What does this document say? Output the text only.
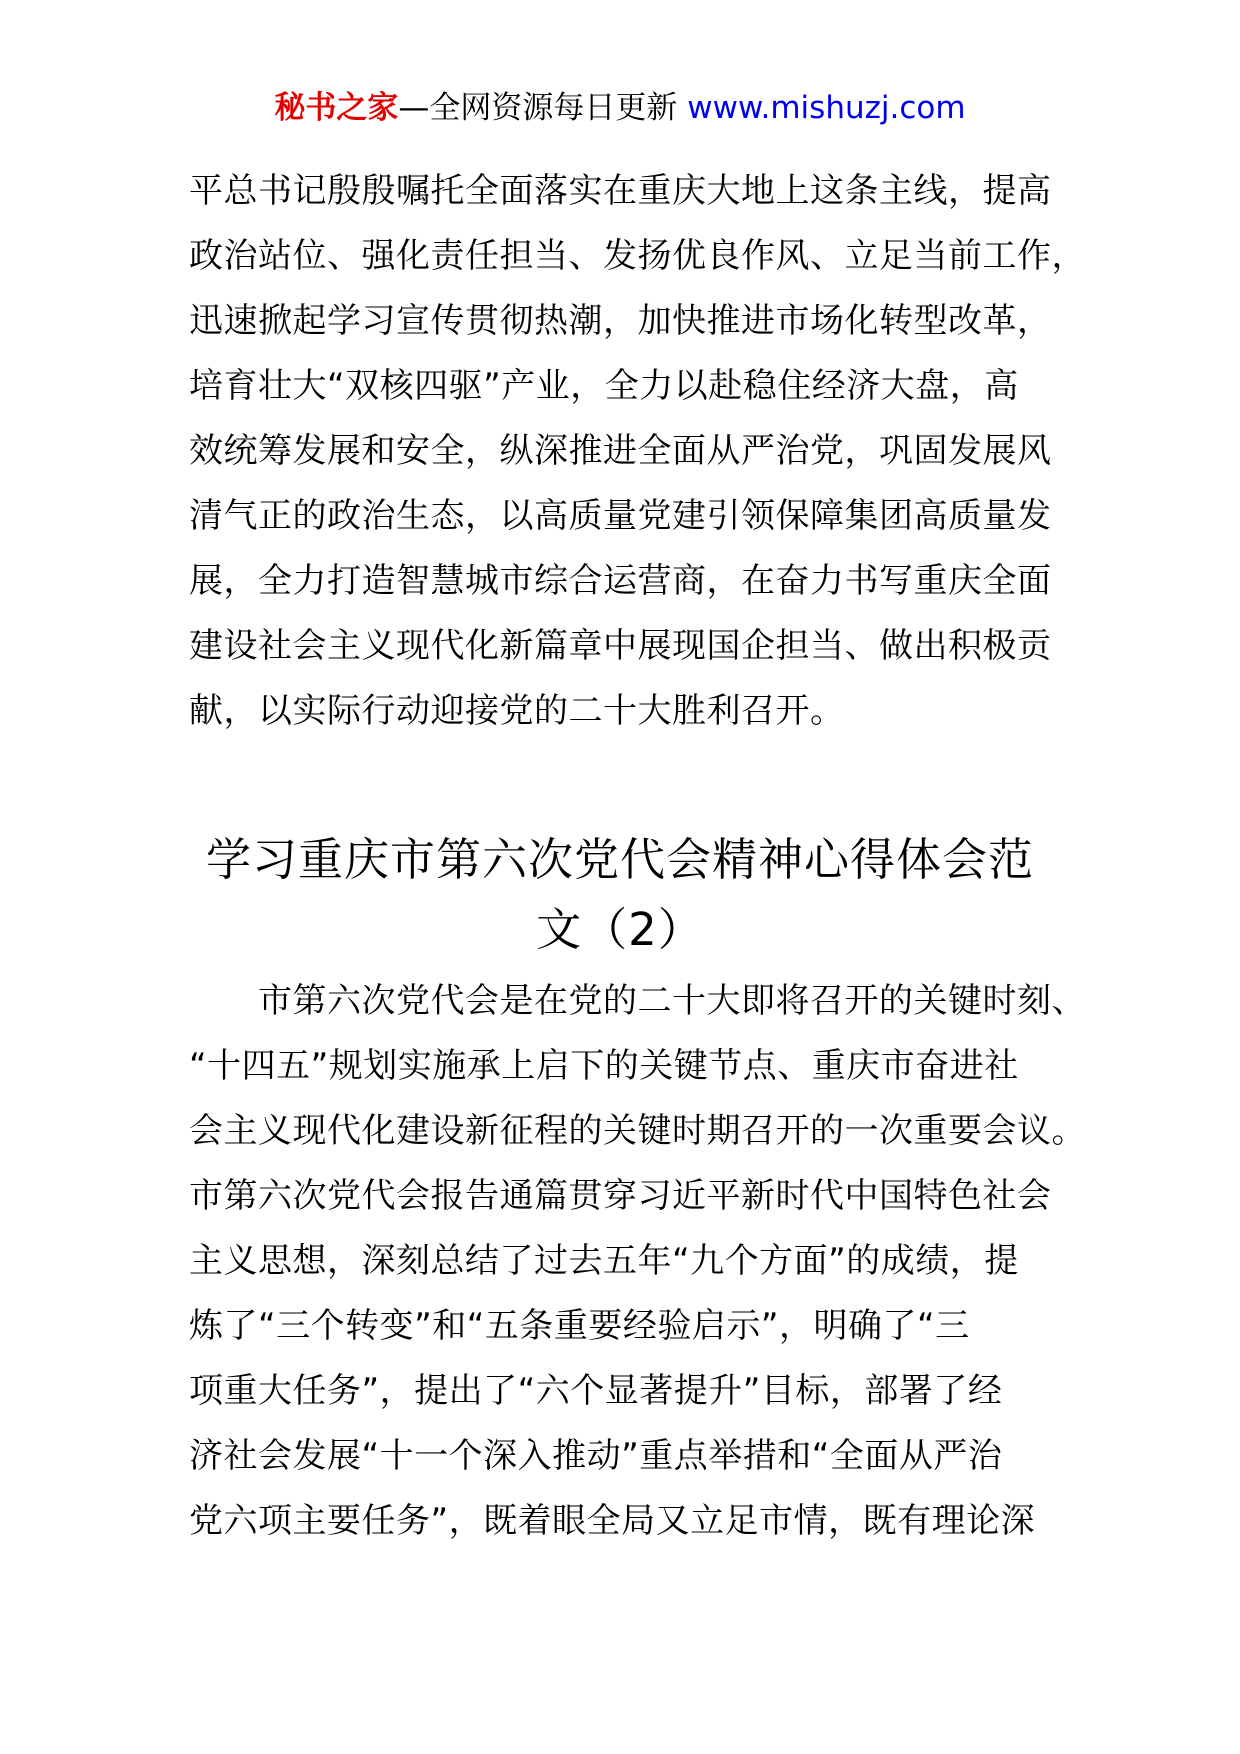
秘书之家—全网资源每日更新 www.mishuzj.com
平总书记殷殷嘱托全面落实在重庆大地上这条主线，提高
政治站位、强化责任担当、发扬优良作风、立足当前工作，
迅速掀起学习宣传贯彻热潮，加快推进市场化转型改革，
培育壮大“双核四驱”产业，全力以赴稳住经济大盘，高
效统筹发展和安全，纵深推进全面从严治党，巩固发展风
清气正的政治生态，以高质量党建引领保障集团高质量发
展，全力打造智慧城市综合运营商，在奋力书写重庆全面
建设社会主义现代化新篇章中展现国企担当、做出积极贡
献，以实际行动迎接党的二十大胜利召开。
学习重庆市第六次党代会精神心得体会范
文（2）
　　市第六次党代会是在党的二十大即将召开的关键时刻、
“十四五”规划实施承上启下的关键节点、重庆市奋进社
会主义现代化建设新征程的关键时期召开的一次重要会议。
市第六次党代会报告通篇贯穿习近平新时代中国特色社会
主义思想，深刻总结了过去五年“九个方面”的成绩，提
炼了“三个转变”和“五条重要经验启示”，明确了“三
项重大任务”，提出了“六个显著提升”目标，部署了经
济社会发展“十一个深入推动”重点举措和“全面从严治
党六项主要任务”，既着眼全局又立足市情，既有理论深
